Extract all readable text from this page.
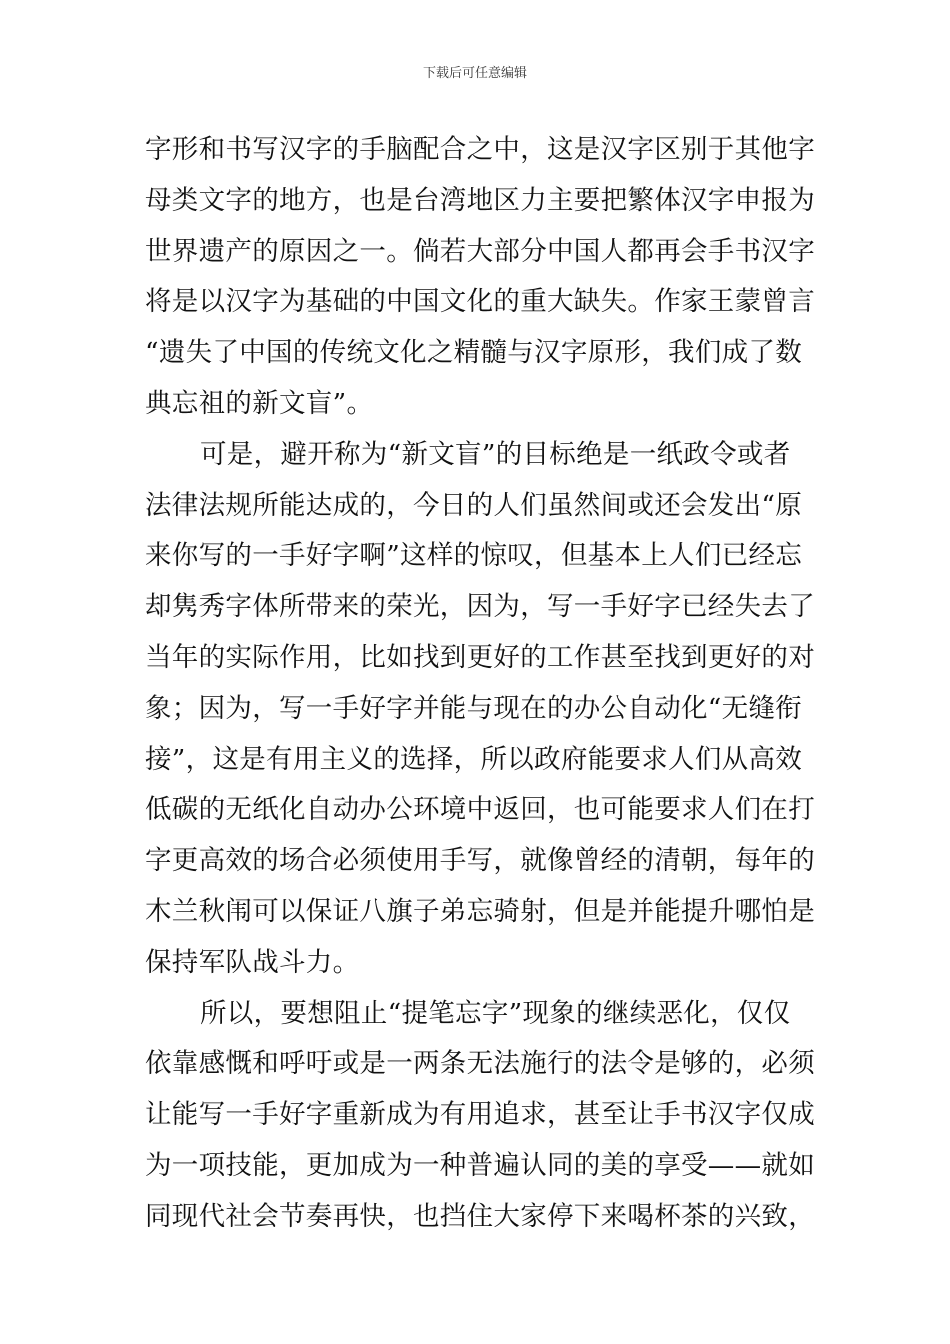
下载后可任意编辑
字形和书写汉字的手脑配合之中，这是汉字区别于其他字
母类文字的地方，也是台湾地区力主要把繁体汉字申报为
世界遗产的原因之一。倘若大部分中国人都再会手书汉字
将是以汉字为基础的中国文化的重大缺失。作家王蒙曾言
“遗失了中国的传统文化之精髓与汉字原形，我们成了数
典忘祖的新文盲”。
可是，避开称为“新文盲”的目标绝是一纸政令或者
法律法规所能达成的，今日的人们虽然间或还会发出“原
来你写的一手好字啊”这样的惊叹，但基本上人们已经忘
却隽秀字体所带来的荣光，因为，写一手好字已经失去了
当年的实际作用，比如找到更好的工作甚至找到更好的对
象；因为，写一手好字并能与现在的办公自动化“无缝衔
接”，这是有用主义的选择，所以政府能要求人们从高效
低碳的无纸化自动办公环境中返回，也可能要求人们在打
字更高效的场合必须使用手写，就像曾经的清朝，每年的
木兰秋闱可以保证八旗子弟忘骑射，但是并能提升哪怕是
保持军队战斗力。
所以，要想阻止“提笔忘字”现象的继续恶化，仅仅
依靠感慨和呼吁或是一两条无法施行的法令是够的，必须
让能写一手好字重新成为有用追求，甚至让手书汉字仅成
为一项技能，更加成为一种普遍认同的美的享受——就如
同现代社会节奏再快，也挡住大家停下来喝杯茶的兴致，
